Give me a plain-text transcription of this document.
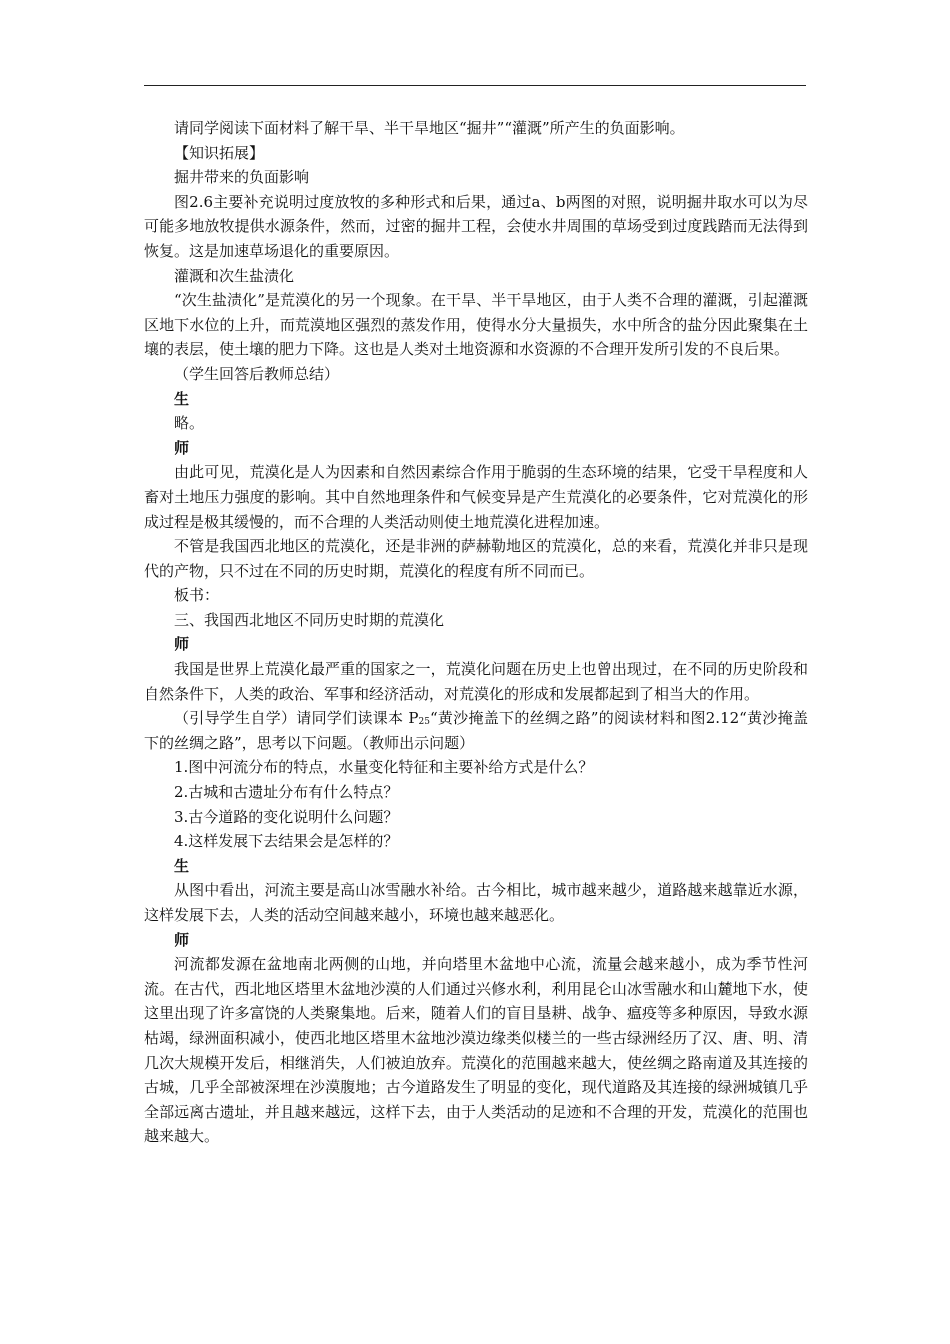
请同学阅读下面材料了解干旱、半干旱地区“掘井”“灌溉”所产生的负面影响。

【知识拓展】

掘井带来的负面影响

图2.6主要补充说明过度放牧的多种形式和后果，通过a、b两图的对照，说明掘井取水可以为尽可能多地放牧提供水源条件，然而，过密的掘井工程，会使水井周围的草场受到过度践踏而无法得到恢复。这是加速草场退化的重要原因。

灌溉和次生盐渍化

“次生盐渍化”是荒漠化的另一个现象。在干旱、半干旱地区，由于人类不合理的灌溉，引起灌溉区地下水位的上升，而荒漠地区强烈的蒸发作用，使得水分大量损失，水中所含的盐分因此聚集在土壤的表层，使土壤的肥力下降。这也是人类对土地资源和水资源的不合理开发所引发的不良后果。

（学生回答后教师总结）

生

略。

师

由此可见，荒漠化是人为因素和自然因素综合作用于脆弱的生态环境的结果，它受干旱程度和人畜对土地压力强度的影响。其中自然地理条件和气候变异是产生荒漠化的必要条件，它对荒漠化的形成过程是极其缓慢的，而不合理的人类活动则使土地荒漠化进程加速。

不管是我国西北地区的荒漠化，还是非洲的萨赫勒地区的荒漠化，总的来看，荒漠化并非只是现代的产物，只不过在不同的历史时期，荒漠化的程度有所不同而已。

板书：

三、我国西北地区不同历史时期的荒漠化

师

我国是世界上荒漠化最严重的国家之一，荒漠化问题在历史上也曾出现过，在不同的历史阶段和自然条件下，人类的政治、军事和经济活动，对荒漠化的形成和发展都起到了相当大的作用。

（引导学生自学）请同学们读课本 $P_{25}“$黄沙掩盖下的丝绸之路”的阅读材料和图2.12“黄沙掩盖下的丝绸之路”，思考以下问题。（教师出示问题）

1.图中河流分布的特点，水量变化特征和主要补给方式是什么？

2.古城和古遗址分布有什么特点？

3.古今道路的变化说明什么问题？

4.这样发展下去结果会是怎样的？

生

从图中看出，河流主要是高山冰雪融水补给。古今相比，城市越来越少，道路越来越靠近水源，这样发展下去，人类的活动空间越来越小，环境也越来越恶化。

师

河流都发源在盆地南北两侧的山地，并向塔里木盆地中心流，流量会越来越小，成为季节性河流。在古代，西北地区塔里木盆地沙漠的人们通过兴修水利，利用昆仑山冰雪融水和山麓地下水，使这里出现了许多富饶的人类聚集地。后来，随着人们的盲目垦耕、战争、瘟疫等多种原因，导致水源枯竭，绿洲面积减小，使西北地区塔里木盆地沙漠边缘类似楼兰的一些古绿洲经历了汉、唐、明、清几次大规模开发后，相继消失，人们被迫放弃。荒漠化的范围越来越大，使丝绸之路南道及其连接的古城，几乎全部被深埋在沙漠腹地；古今道路发生了明显的变化，现代道路及其连接的绿洲城镇几乎全部远离古遗址，并且越来越远，这样下去，由于人类活动的足迹和不合理的开发，荒漠化的范围也越来越大。
